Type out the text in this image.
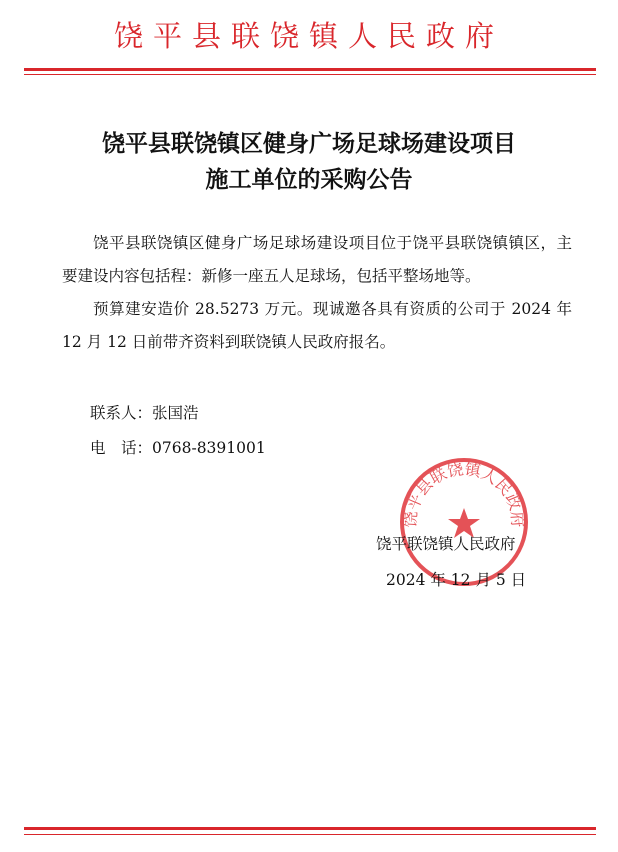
饶平县联饶镇人民政府
饶平县联饶镇区健身广场足球场建设项目
施工单位的采购公告

饶平县联饶镇区健身广场足球场建设项目位于饶平县联饶镇镇区，主要建设内容包括程：新修一座五人足球场，包括平整场地等。

预算建安造价 28.5273 万元。现诚邀各具有资质的公司于 2024 年 12 月 12 日前带齐资料到联饶镇人民政府报名。

联系人：张国浩
电　话：0768-8391001
饶平县联饶镇人民政府
饶平联饶镇人民政府
2024 年 12 月 5 日
